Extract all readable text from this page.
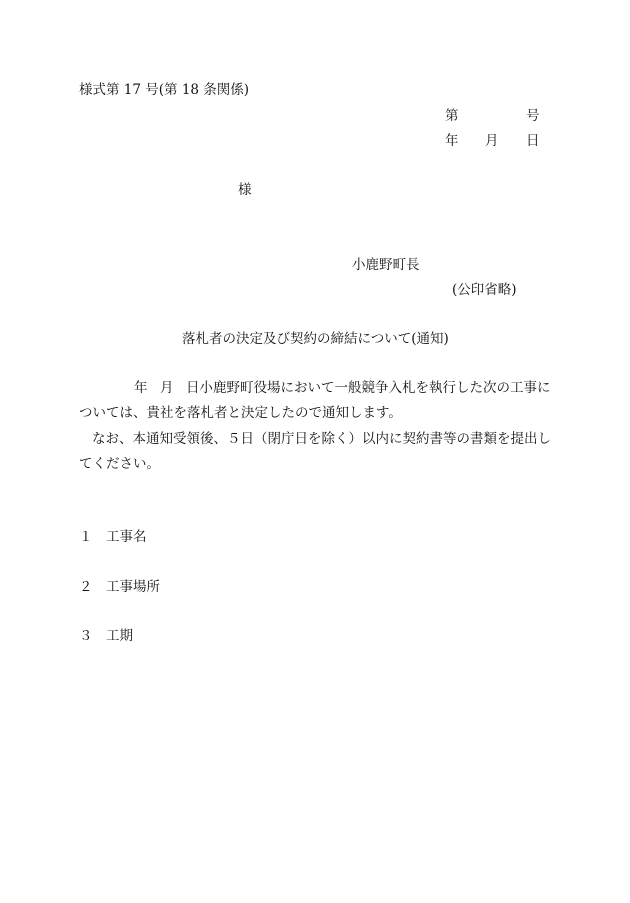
様式第 17 号(第 18 条関係)
第	号
年 月 日
様
小鹿野町長
(公印省略)
落札者の決定及び契約の締結について(通知)
年 月 日小鹿野町役場において一般競争入札を執行した次の工事に
ついては、貴社を落札者と決定したので通知します。
なお、本通知受領後、５日（閉庁日を除く）以内に契約書等の書類を提出し
てください。
１ 工事名
２ 工事場所
３ 工期
